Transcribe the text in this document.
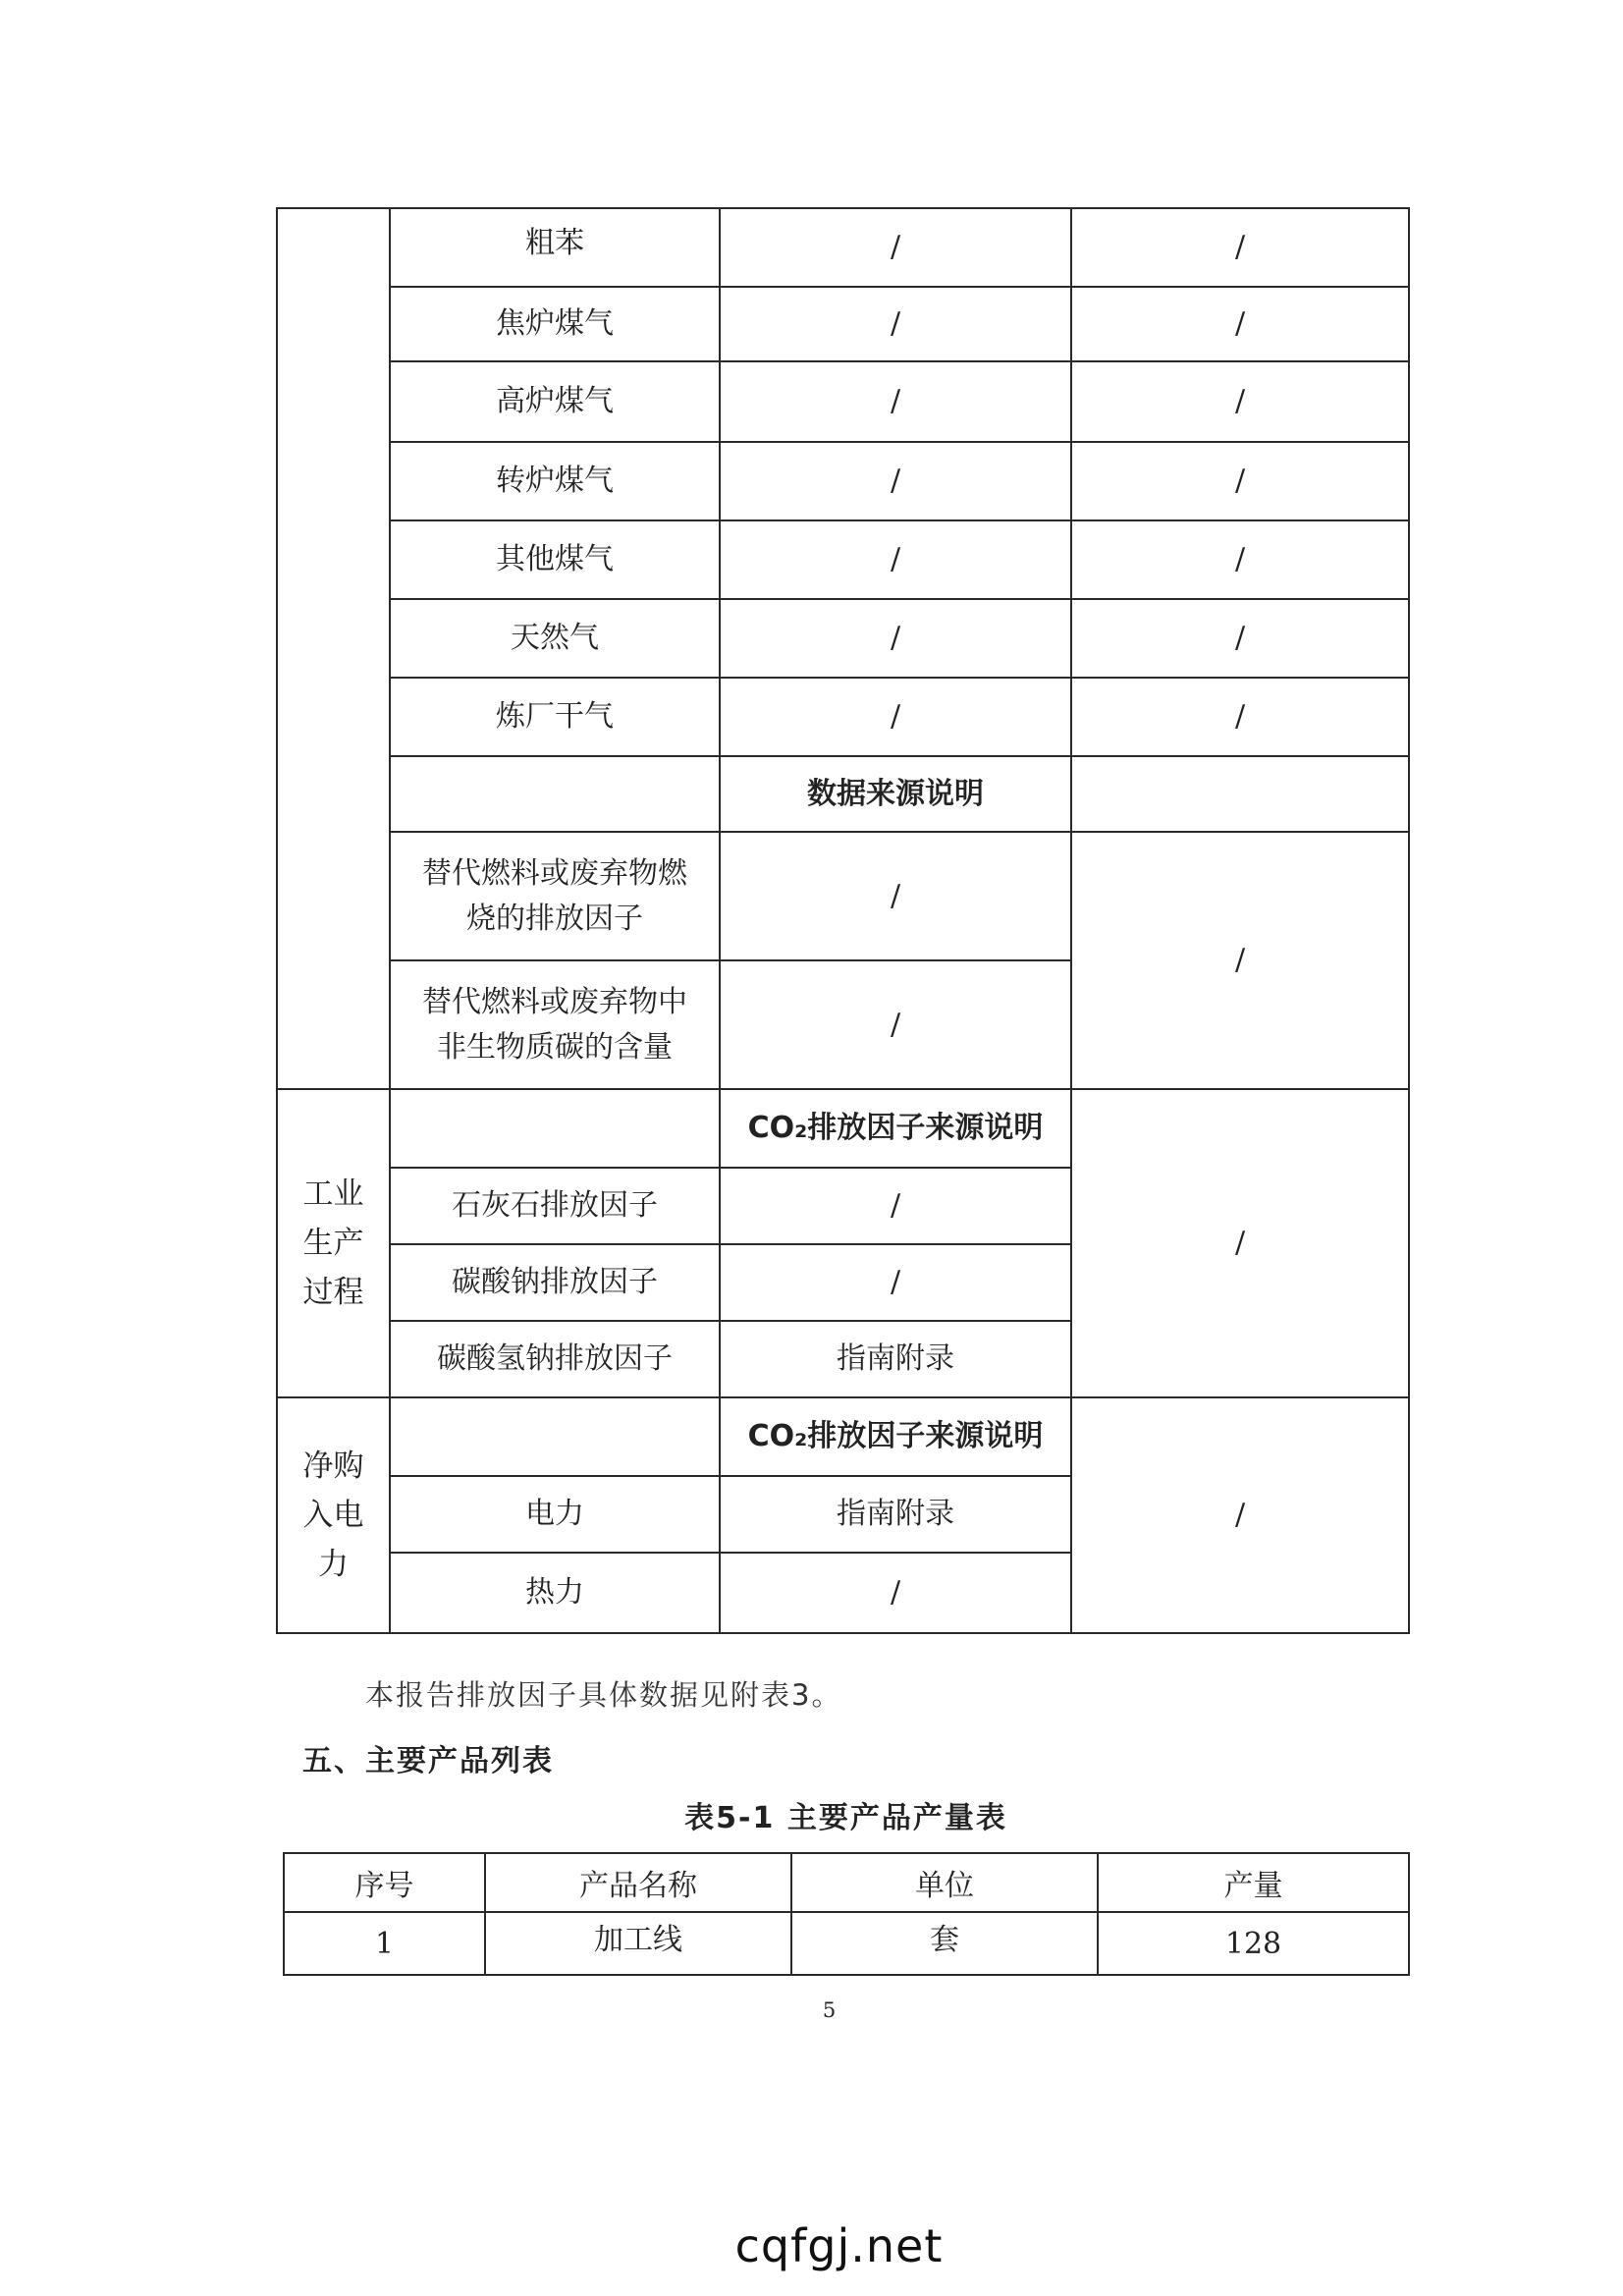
	粗苯	/	/
	焦炉煤气	/	/
	高炉煤气	/	/
	转炉煤气	/	/
	其他煤气	/	/
	天然气	/	/
	炼厂干气	/	/
		数据来源说明	
	替代燃料或废弃物燃烧的排放因子	/	/
	替代燃料或废弃物中非生物质碳的含量	/	
工业生产过程		CO₂排放因子来源说明	/
	石灰石排放因子	/	
	碳酸钠排放因子	/	
	碳酸氢钠排放因子	指南附录	
净购入电力		CO₂排放因子来源说明	/
	电力	指南附录	
	热力	/	
本报告排放因子具体数据见附表3。
五、主要产品列表
表5-1 主要产品产量表
序号	产品名称	单位	产量
1	加工线	套	128
5
cqfgj.net
